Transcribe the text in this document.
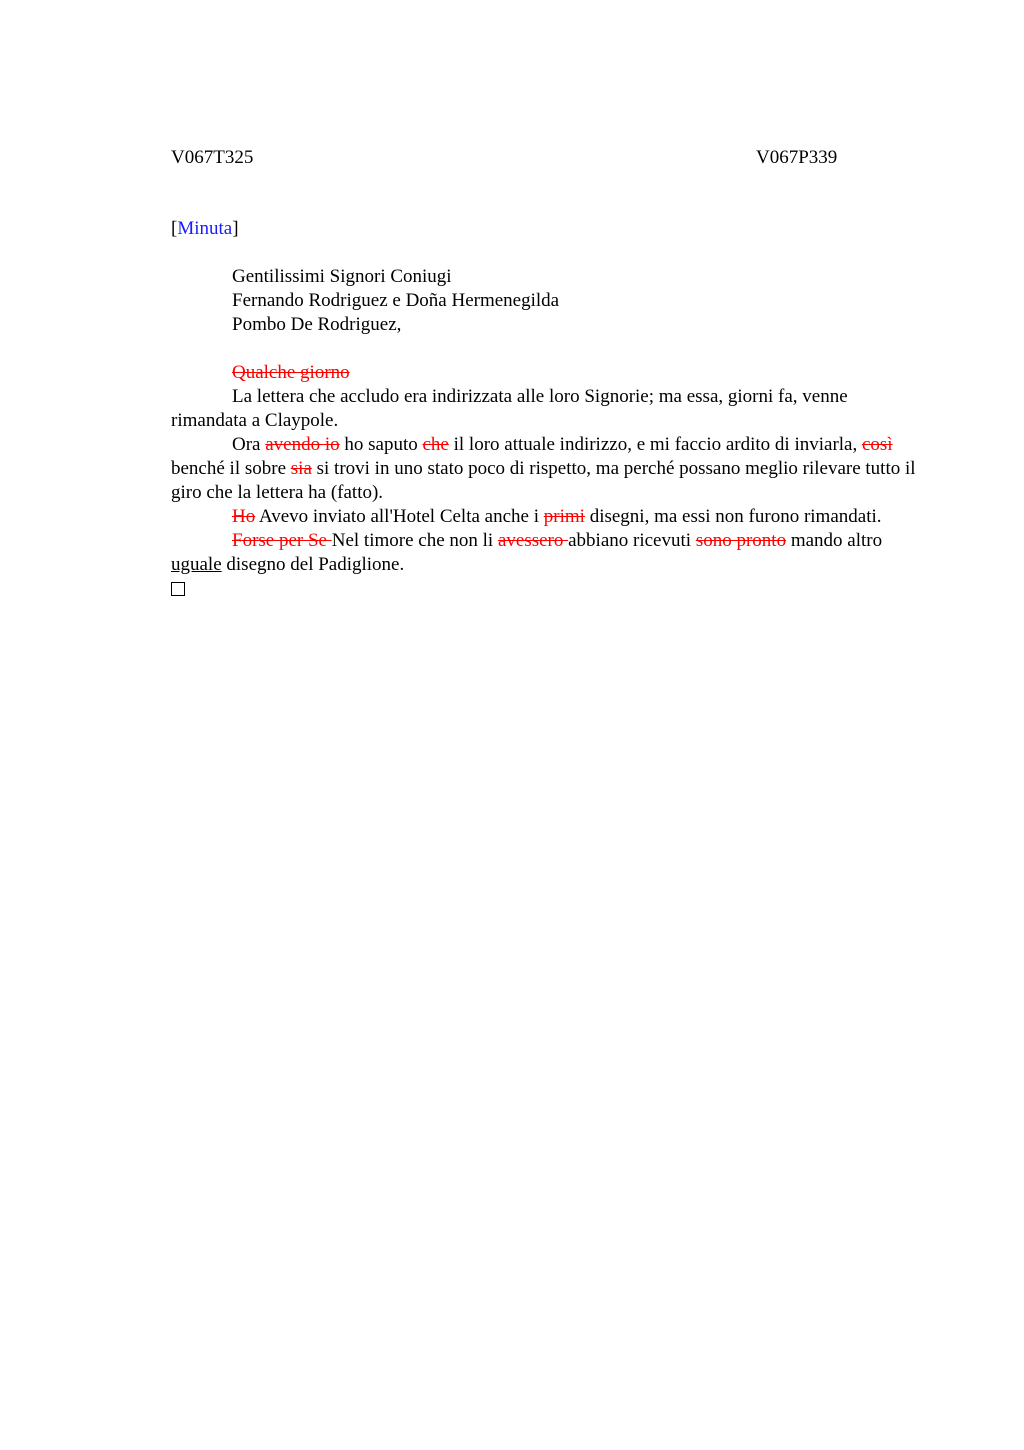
V067T325	V067P339
[Minuta]
Gentilissimi Signori Coniugi
Fernando Rodriguez e Doña Hermenegilda
Pombo De Rodriguez,

Qualche giorno

La lettera che accludo era indirizzata alle loro Signorie; ma essa, giorni fa, venne rimandata a Claypole.

Ora avendo io ho saputo che il loro attuale indirizzo, e mi faccio ardito di inviarla, così benché il sobre sia si trovi in uno stato poco di rispetto, ma perché possano meglio rilevare tutto il giro che la lettera ha (fatto).

Ho Avevo inviato all'Hotel Celta anche i primi disegni, ma essi non furono rimandati.

Forse per Se Nel timore che non li avessero abbiano ricevuti sono pronto mando altro uguale disegno del Padiglione.
